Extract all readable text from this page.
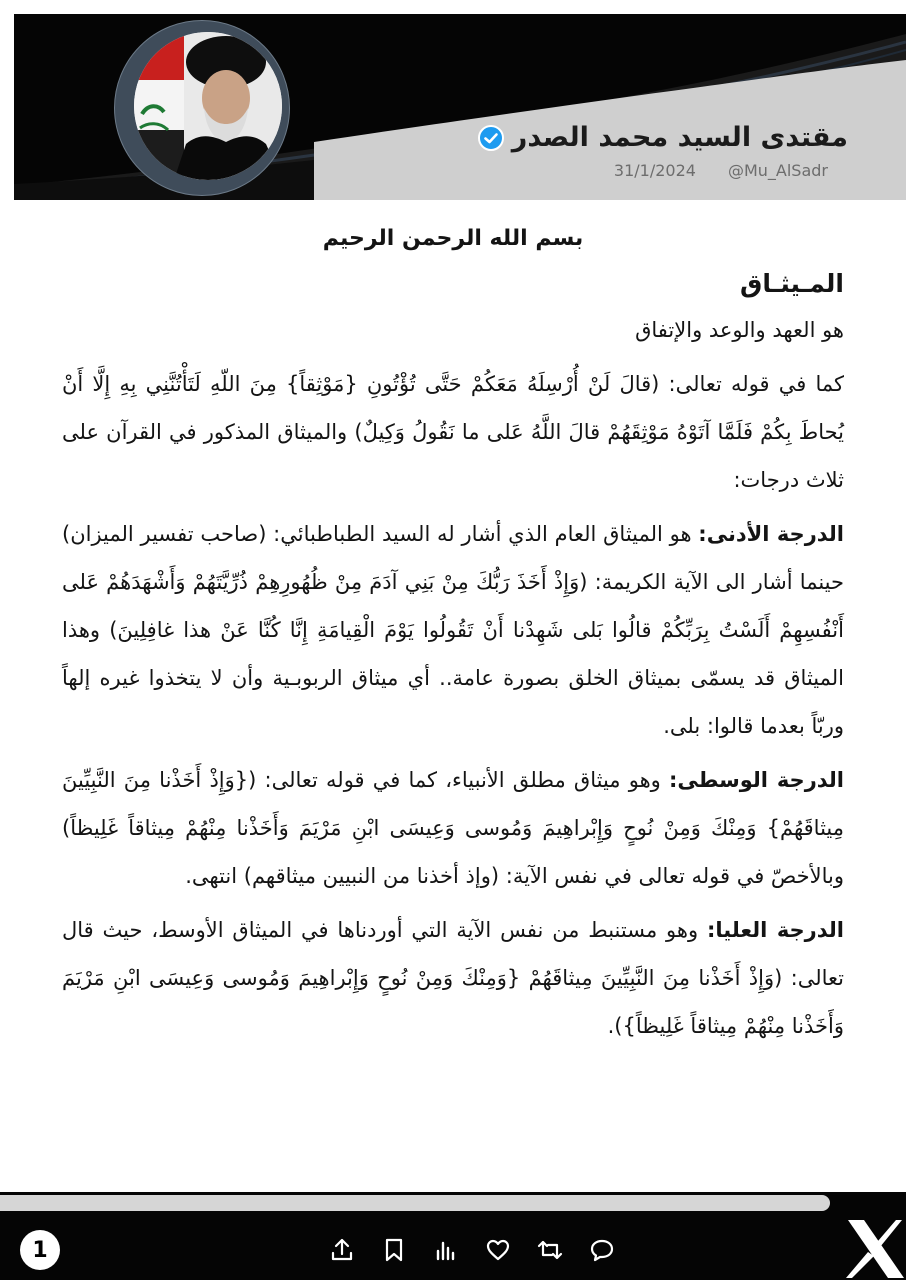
مقتدى السيد محمد الصدر
31/1/2024 @Mu_AlSadr

بسم الله الرحمن الرحيم

المـيثـاق

هو العهد والوعد والإتفاق

كما في قوله تعالى: (قالَ لَنْ أُرْسِلَهُ مَعَكُمْ حَتَّى تُؤْتُونِ {مَوْثِقاً} مِنَ اللّهِ لَتَأْتُنَّنِي بِهِ إِلَّا أَنْ يُحاطَ بِكُمْ فَلَمَّا آتَوْهُ مَوْثِقَهُمْ قالَ اللَّهُ عَلى ما نَقُولُ وَكِيلٌ) والميثاق المذكور في القرآن على ثلاث درجات:

الدرجة الأدنى: هو الميثاق العام الذي أشار له السيد الطباطبائي: (صاحب تفسير الميزان) حينما أشار الى الآية الكريمة: (وَإِذْ أَخَذَ رَبُّكَ مِنْ بَنِي آدَمَ مِنْ ظُهُورِهِمْ ذُرِّيَّتَهُمْ وَأَشْهَدَهُمْ عَلى أَنْفُسِهِمْ أَلَسْتُ بِرَبِّكُمْ قالُوا بَلى شَهِدْنا أَنْ تَقُولُوا يَوْمَ الْقِيامَةِ إِنَّا كُنَّا عَنْ هذا غافِلِينَ) وهذا الميثاق قد يسمّى بميثاق الخلق بصورة عامة.. أي ميثاق الربوبـية وأن لا يتخذوا غيره إلهاً وربّاً بعدما قالوا: بلى.

الدرجة الوسطى: وهو ميثاق مطلق الأنبياء، كما في قوله تعالى: ({وَإِذْ أَخَذْنا مِنَ النَّبِيِّينَ مِيثاقَهُمْ} وَمِنْكَ وَمِنْ نُوحٍ وَإِبْراهِيمَ وَمُوسى وَعِيسَى ابْنِ مَرْيَمَ وَأَخَذْنا مِنْهُمْ مِيثاقاً غَلِيظاً) وبالأخصّ في قوله تعالى في نفس الآية: (وإذ أخذنا من النبيين ميثاقهم) انتهى.

الدرجة العليا: وهو مستنبط من نفس الآية التي أوردناها في الميثاق الأوسط، حيث قال تعالى: (وَإِذْ أَخَذْنا مِنَ النَّبِيِّينَ مِيثاقَهُمْ {وَمِنْكَ وَمِنْ نُوحٍ وَإِبْراهِيمَ وَمُوسى وَعِيسَى ابْنِ مَرْيَمَ وَأَخَذْنا مِنْهُمْ مِيثاقاً غَلِيظاً}).

1
